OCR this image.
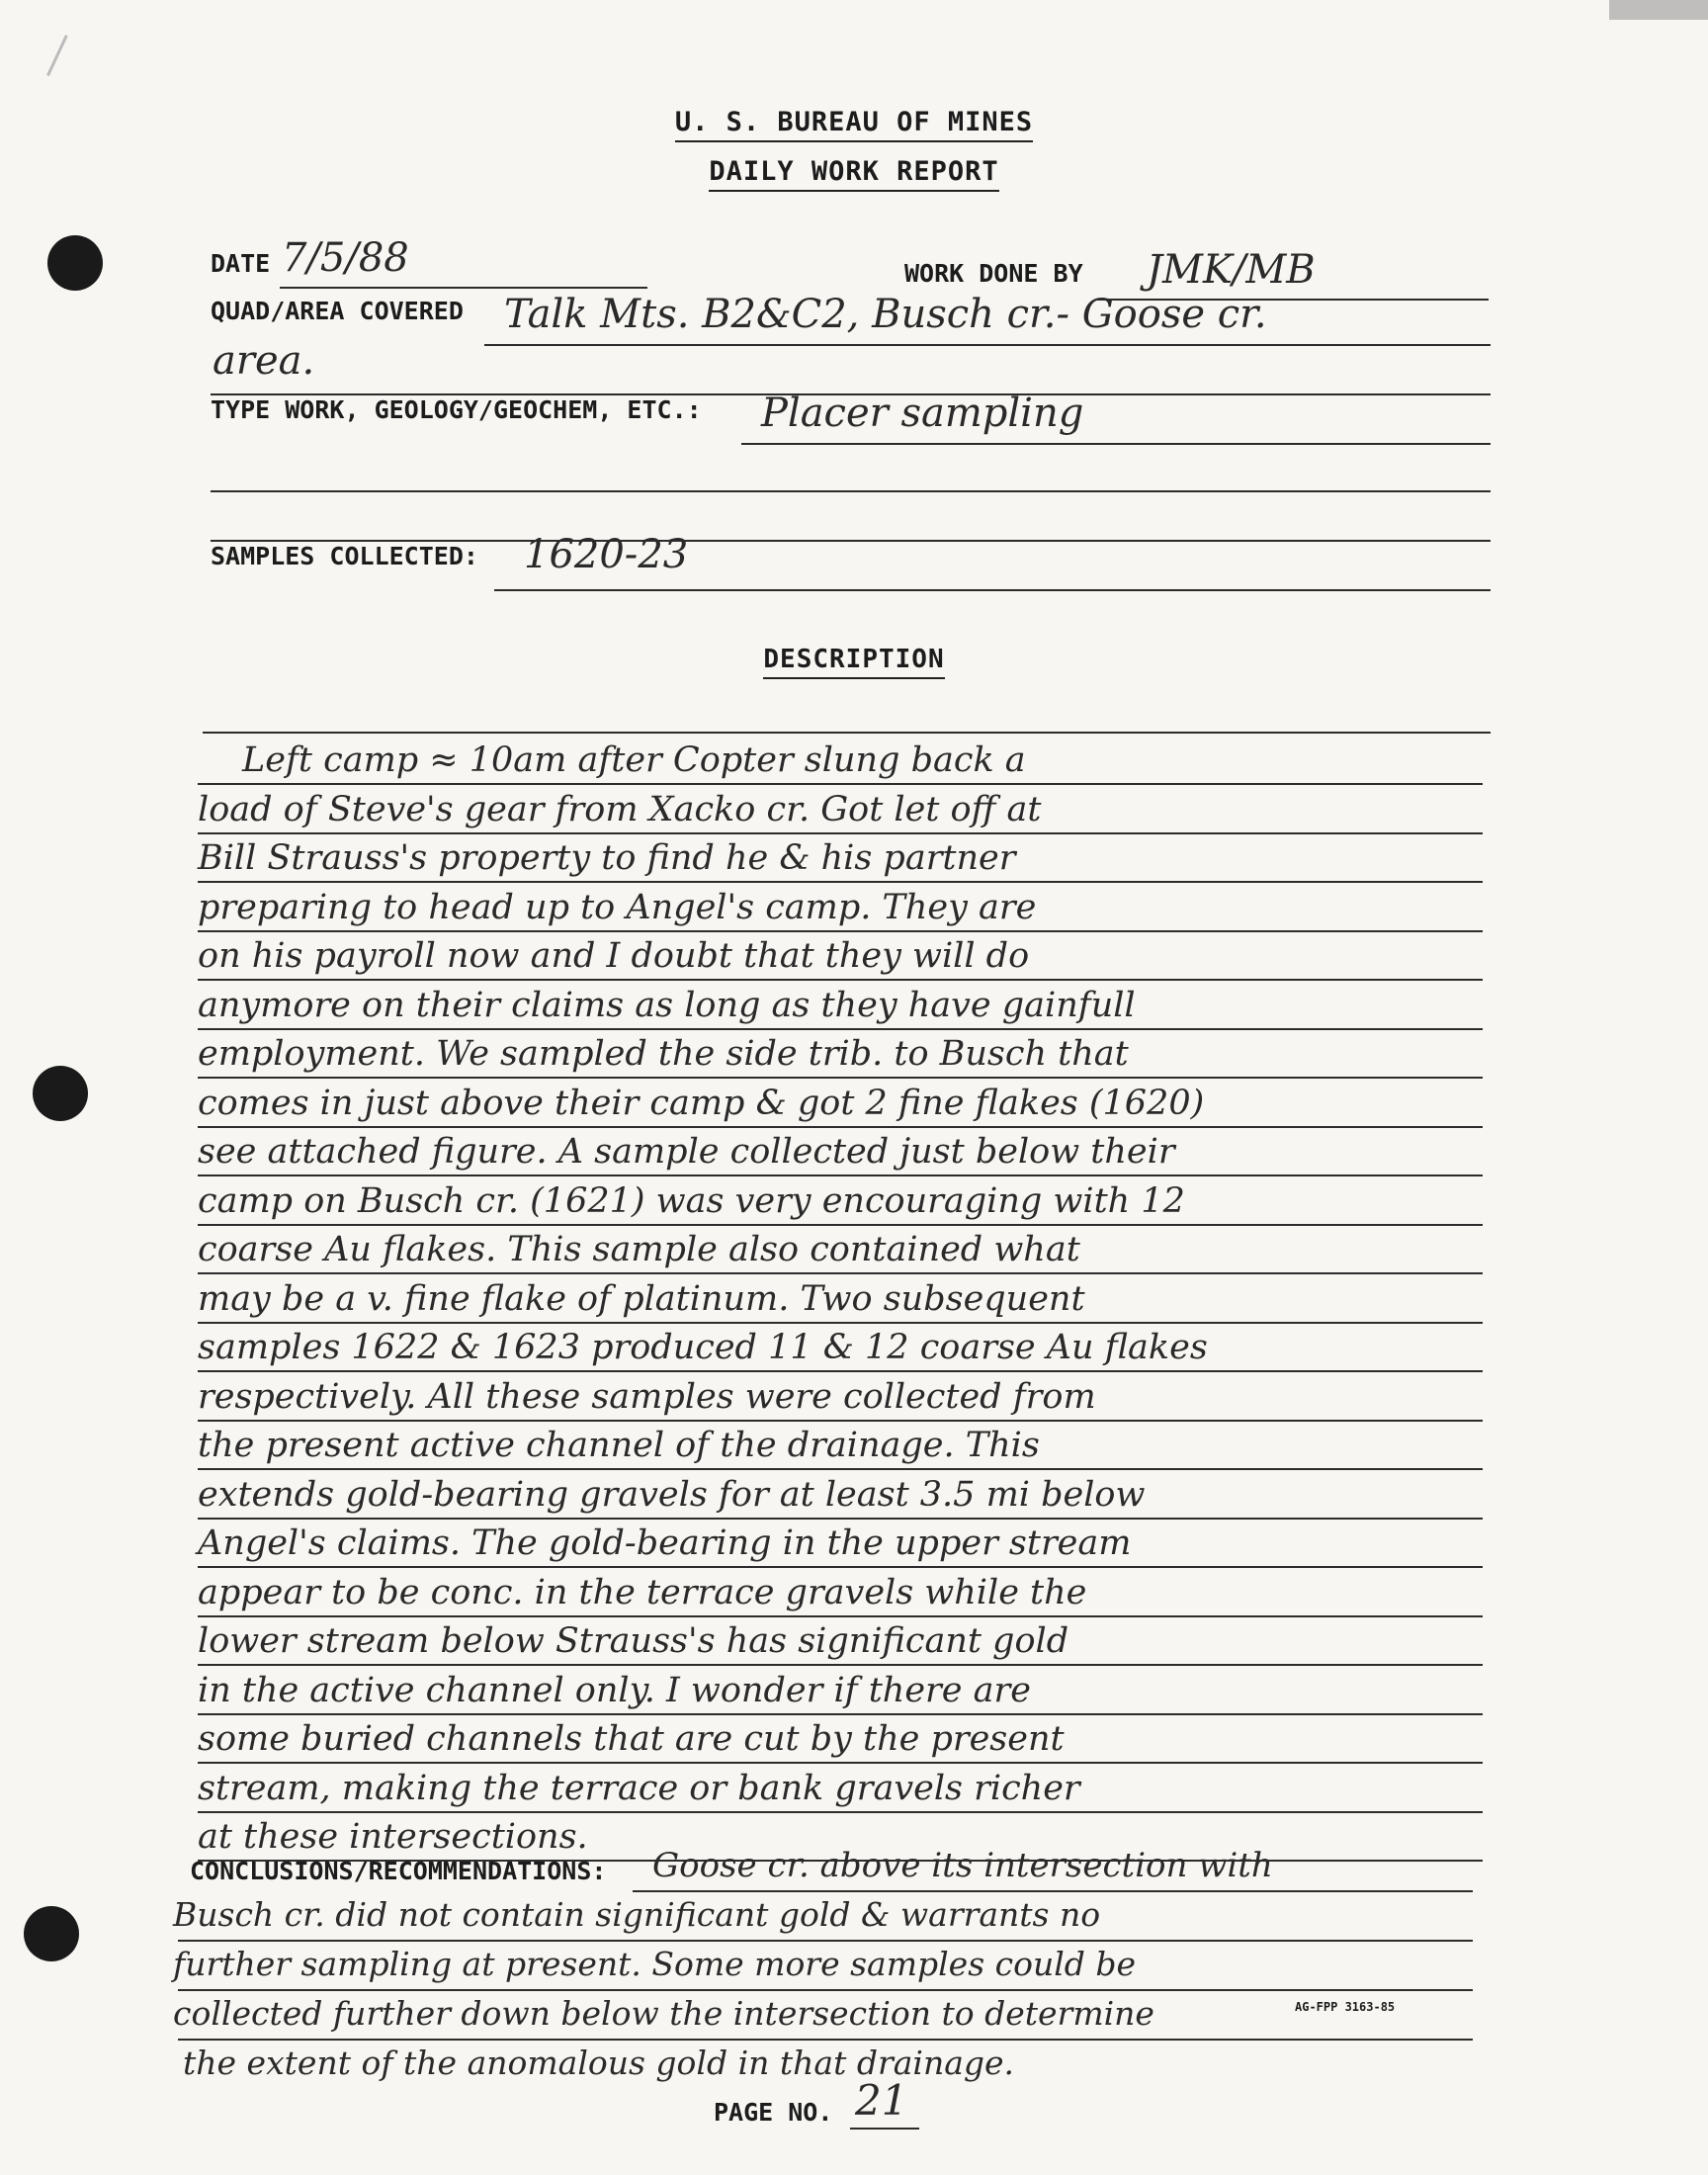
U. S. BUREAU OF MINES
DAILY WORK REPORT
DATE 7/5/88	WORK DONE BY JMK/MB
QUAD/AREA COVERED Talk Mts. B2&C2, Busch cr.- Goose cr.
area.
TYPE WORK, GEOLOGY/GEOCHEM, ETC.: Placer sampling
SAMPLES COLLECTED: 1620-23
DESCRIPTION
CONCLUSIONS/RECOMMENDATIONS:
AG-FPP 3163-85
PAGE NO. 21
Left camp ≈ 10am after Copter slung back a
load of Steve's gear from Xacko cr. Got let off at
Bill Strauss's property to find he & his partner
preparing to head up to Angel's camp. They are
on his payroll now and I doubt that they will do
anymore on their claims as long as they have gainfull
employment. We sampled the side trib. to Busch that
comes in just above their camp & got 2 fine flakes (1620)
see attached figure. A sample collected just below their
camp on Busch cr. (1621) was very encouraging with 12
coarse Au flakes. This sample also contained what
may be a v. fine flake of platinum. Two subsequent
samples 1622 & 1623 produced 11 & 12 coarse Au flakes
respectively. All these samples were collected from
the present active channel of the drainage. This
extends gold-bearing gravels for at least 3.5 mi below
Angel's claims. The gold-bearing in the upper stream
appear to be conc. in the terrace gravels while the
lower stream below Strauss's has significant gold
in the active channel only. I wonder if there are
some buried channels that are cut by the present
stream, making the terrace or bank gravels richer
at these intersections.
Goose cr. above its intersection with
Busch cr. did not contain significant gold & warrants no
further sampling at present. Some more samples could be
collected further down below the intersection to determine
the extent of the anomalous gold in that drainage.
